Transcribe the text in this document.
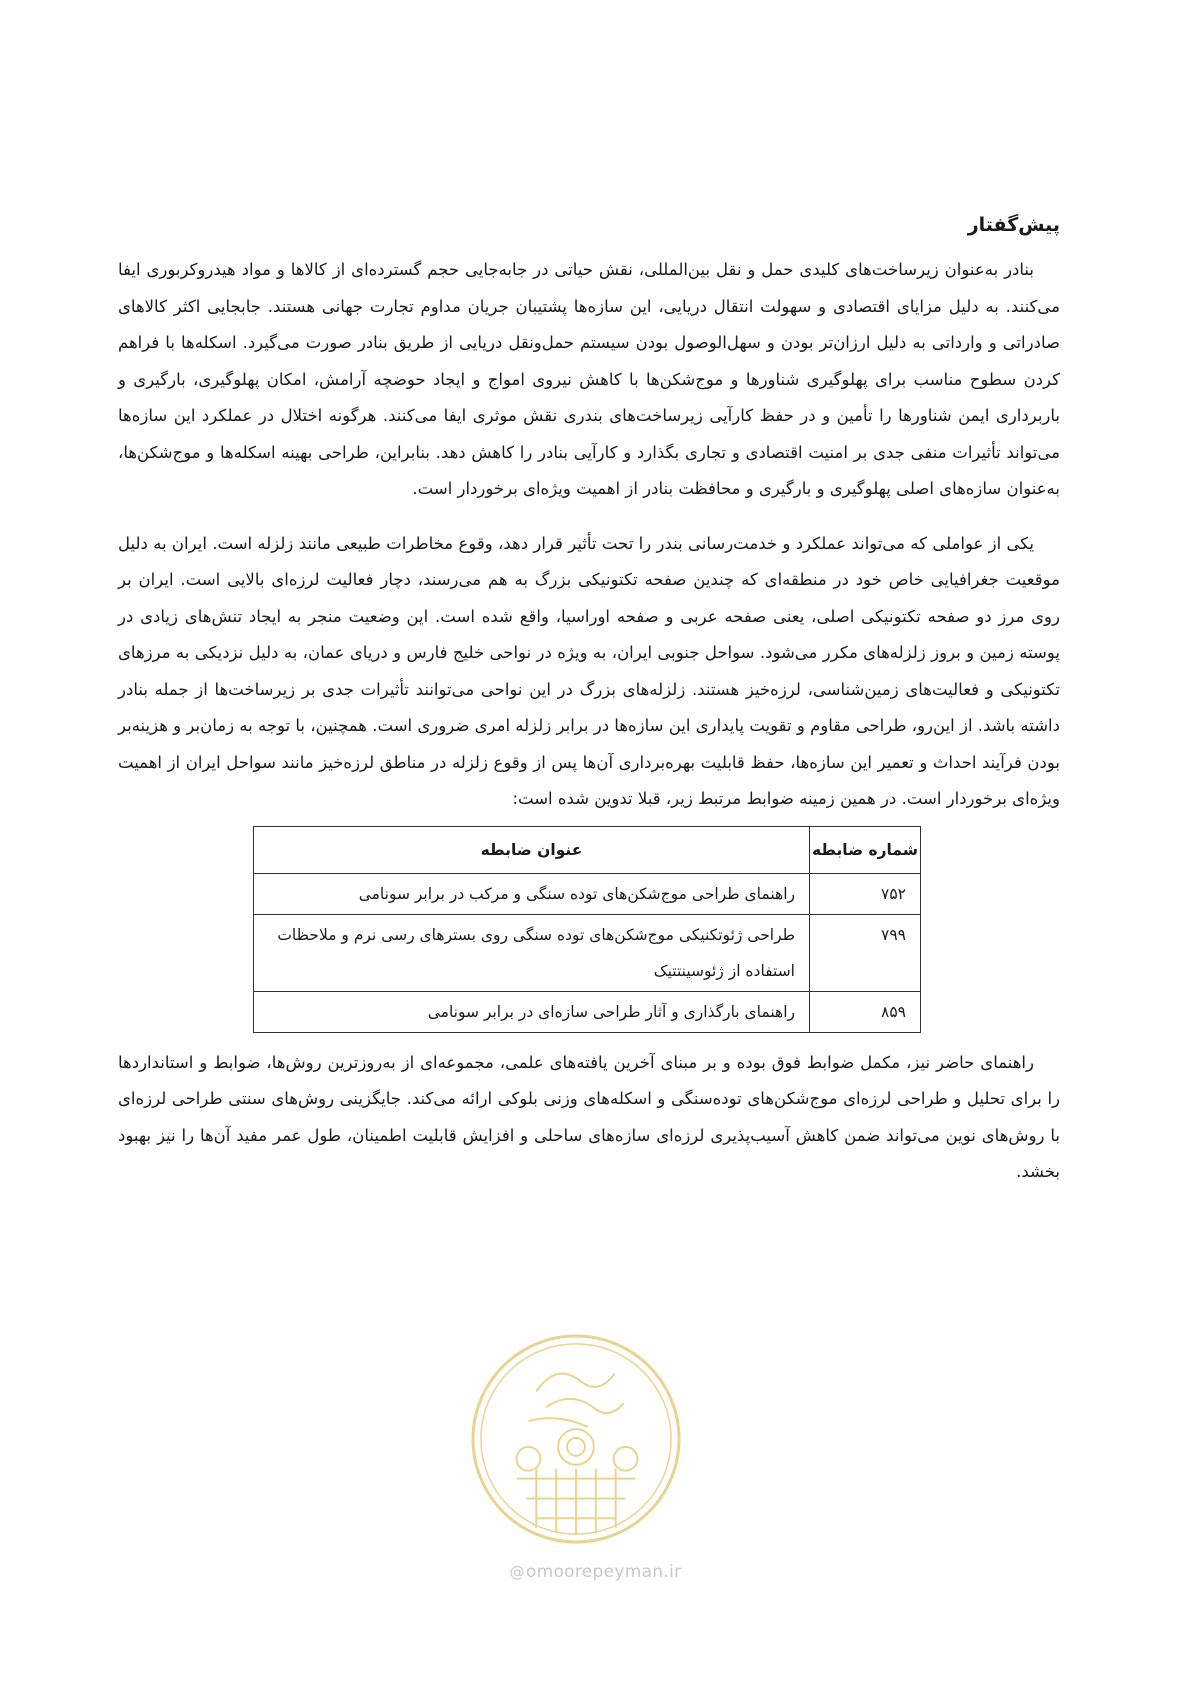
پیش‌گفتار

بنادر به‌عنوان زیرساخت‌های کلیدی حمل و نقل بین‌المللی، نقش حیاتی در جابه‌جایی حجم گسترده‌ای از کالاها و مواد هیدروکربوری ایفا می‌کنند. به دلیل مزایای اقتصادی و سهولت انتقال دریایی، این سازه‌ها پشتیبان جریان مداوم تجارت جهانی هستند. جابجایی اکثر کالاهای صادراتی و وارداتی به دلیل ارزان‌تر بودن و سهل‌الوصول بودن سیستم حمل‌ونقل دریایی از طریق بنادر صورت می‌گیرد. اسکله‌ها با فراهم کردن سطوح مناسب برای پهلوگیری شناورها و موج‌شکن‌ها با کاهش نیروی امواج و ایجاد حوضچه آرامش، امکان پهلوگیری، بارگیری و باربرداری ایمن شناورها را تأمین و در حفظ کارآیی زیرساخت‌های بندری نقش موثری ایفا می‌کنند. هرگونه اختلال در عملکرد این سازه‌ها می‌تواند تأثیرات منفی جدی بر امنیت اقتصادی و تجاری بگذارد و کارآیی بنادر را کاهش دهد. بنابراین، طراحی بهینه اسکله‌ها و موج‌شکن‌ها، به‌عنوان سازه‌های اصلی پهلوگیری و بارگیری و محافظت بنادر از اهمیت ویژه‌ای برخوردار است.

یکی از عواملی که می‌تواند عملکرد و خدمت‌رسانی بندر را تحت تأثیر قرار دهد، وقوع مخاطرات طبیعی مانند زلزله است. ایران به دلیل موقعیت جغرافیایی خاص خود در منطقه‌ای که چندین صفحه تکتونیکی بزرگ به هم می‌رسند، دچار فعالیت لرزه‌ای بالایی است. ایران بر روی مرز دو صفحه تکتونیکی اصلی، یعنی صفحه عربی و صفحه اوراسیا، واقع شده است. این وضعیت منجر به ایجاد تنش‌های زیادی در پوسته زمین و بروز زلزله‌های مکرر می‌شود. سواحل جنوبی ایران، به ویژه در نواحی خلیج فارس و دریای عمان، به دلیل نزدیکی به مرزهای تکتونیکی و فعالیت‌های زمین‌شناسی، لرزه‌خیز هستند. زلزله‌های بزرگ در این نواحی می‌توانند تأثیرات جدی بر زیرساخت‌ها از جمله بنادر داشته باشد. از این‌رو، طراحی مقاوم و تقویت پایداری این سازه‌ها در برابر زلزله امری ضروری است. همچنین، با توجه به زمان‌بر و هزینه‌بر بودن فرآیند احداث و تعمیر این سازه‌ها، حفظ قابلیت بهره‌برداری آن‌ها پس از وقوع زلزله در مناطق لرزه‌خیز مانند سواحل ایران از اهمیت ویژه‌ای برخوردار است. در همین زمینه ضوابط مرتبط زیر، قبلا تدوین شده است:

شماره ضابطه	عنوان ضابطه
۷۵۲	راهنمای طراحی موج‌شکن‌های توده سنگی و مرکب در برابر سونامی
۷۹۹	طراحی ژئوتکنیکی موج‌شکن‌های توده سنگی روی بسترهای رسی نرم و ملاحظات استفاده از ژئوسینتتیک
۸۵۹	راهنمای بارگذاری و آثار طراحی سازه‌ای در برابر سونامی

راهنمای حاضر نیز، مکمل ضوابط فوق بوده و بر مبنای آخرین یافته‌های علمی، مجموعه‌ای از به‌روزترین روش‌ها، ضوابط و استانداردها را برای تحلیل و طراحی لرزه‌ای موج‌شکن‌های توده‌سنگی و اسکله‌های وزنی بلوکی ارائه می‌کند. جایگزینی روش‌های سنتی طراحی لرزه‌ای با روش‌های نوین می‌تواند ضمن کاهش آسیب‌پذیری لرزه‌ای سازه‌های ساحلی و افزایش قابلیت اطمینان، طول عمر مفید آن‌ها را نیز بهبود بخشد.

@omoorepeyman.ir
